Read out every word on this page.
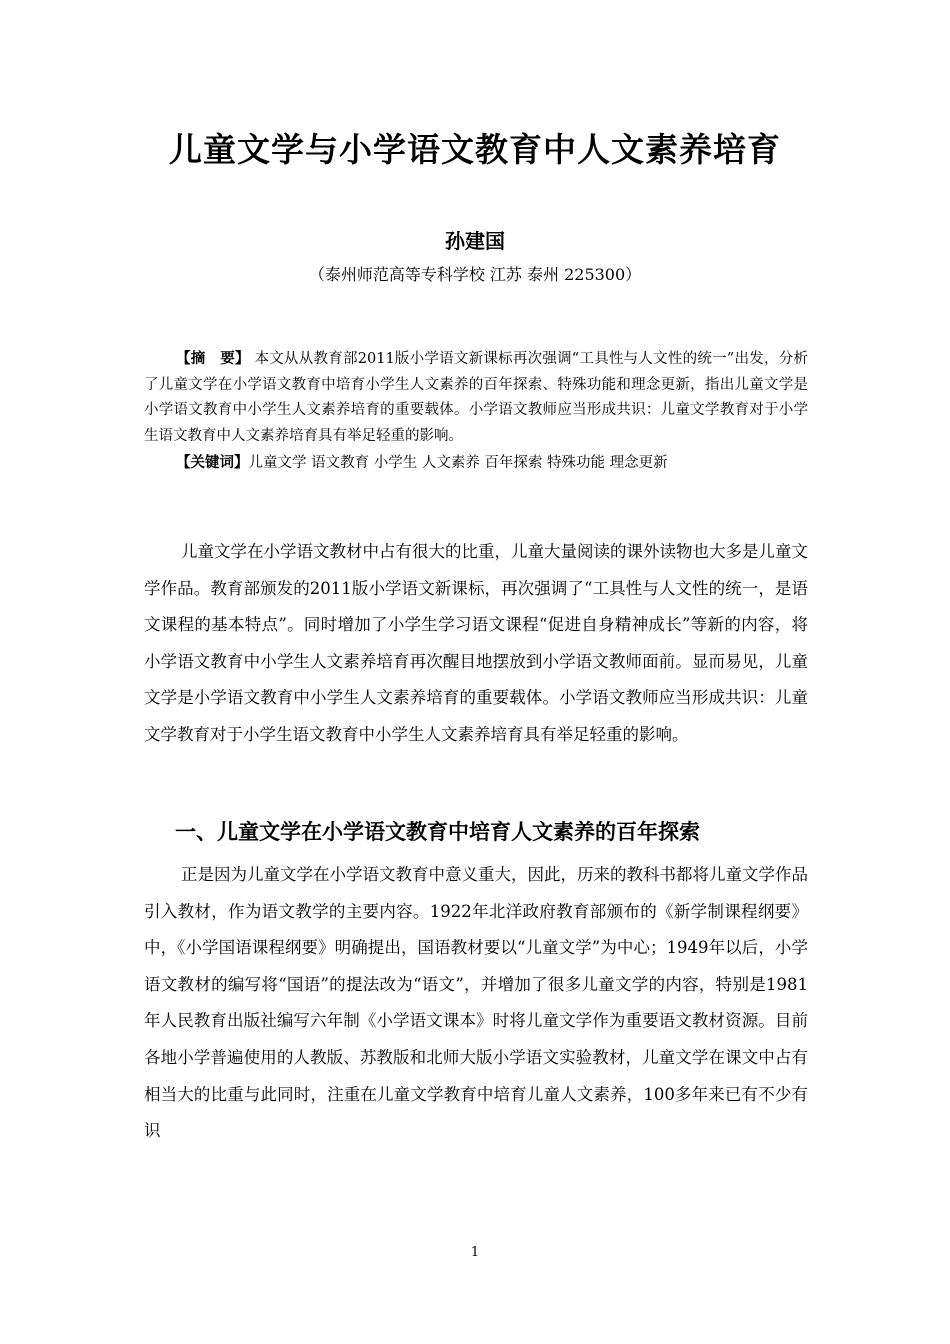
儿童文学与小学语文教育中人文素养培育
孙建国
（泰州师范高等专科学校 江苏 泰州 225300）

【摘　要】 本文从从教育部2011版小学语文新课标再次强调“工具性与人文性的统一”出发，分析了儿童文学在小学语文教育中培育小学生人文素养的百年探索、特殊功能和理念更新，指出儿童文学是小学语文教育中小学生人文素养培育的重要载体。小学语文教师应当形成共识：儿童文学教育对于小学生语文教育中人文素养培育具有举足轻重的影响。

【关键词】儿童文学 语文教育 小学生 人文素养 百年探索 特殊功能 理念更新

儿童文学在小学语文教材中占有很大的比重，儿童大量阅读的课外读物也大多是儿童文学作品。教育部颁发的2011版小学语文新课标，再次强调了“工具性与人文性的统一，是语文课程的基本特点”。同时增加了小学生学习语文课程“促进自身精神成长”等新的内容，将小学语文教育中小学生人文素养培育再次醒目地摆放到小学语文教师面前。显而易见，儿童文学是小学语文教育中小学生人文素养培育的重要载体。小学语文教师应当形成共识：儿童文学教育对于小学生语文教育中小学生人文素养培育具有举足轻重的影响。

一、儿童文学在小学语文教育中培育人文素养的百年探索

正是因为儿童文学在小学语文教育中意义重大，因此，历来的教科书都将儿童文学作品引入教材，作为语文教学的主要内容。1922年北洋政府教育部颁布的《新学制课程纲要》中，《小学国语课程纲要》明确提出，国语教材要以“儿童文学”为中心；1949年以后，小学语文教材的编写将“国语”的提法改为“语文”，并增加了很多儿童文学的内容，特别是1981年人民教育出版社编写六年制《小学语文课本》时将儿童文学作为重要语文教材资源。目前各地小学普遍使用的人教版、苏教版和北师大版小学语文实验教材，儿童文学在课文中占有相当大的比重与此同时，注重在儿童文学教育中培育儿童人文素养，100多年来已有不少有识

1
